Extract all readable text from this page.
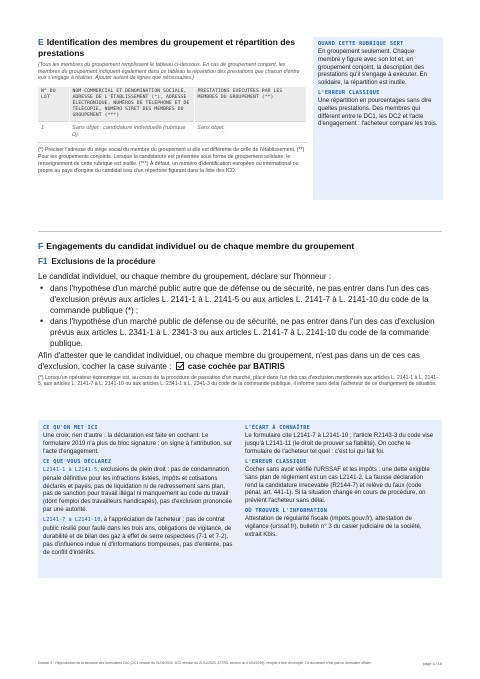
E Identification des membres du groupement et répartition des prestations
(Tous les membres du groupement remplissent le tableau ci-dessous. En cas de groupement conjoint, les membres du groupement indiquent également dans ce tableau la répartition des prestations que chacun d'entre eux s'engage à réaliser. Ajouter autant de lignes que nécessaires.)
N° DU LOT	NOM COMMERCIAL ET DÉNOMINATION SOCIALE, ADRESSE DE L'ÉTABLISSEMENT (*), ADRESSE ÉLECTRONIQUE, NUMÉROS DE TÉLÉPHONE ET DE TÉLÉCOPIE, NUMÉRO SIRET DES MEMBRES DU GROUPEMENT (***)	PRESTATIONS EXÉCUTÉES PAR LES MEMBRES DU GROUPEMENT (**)
1	Sans objet : candidature individuelle (rubrique D).	Sans objet.
(*) Préciser l'adresse du siège social du membre du groupement si elle est différente de celle de l'établissement. (**) Pour les groupements conjoints. Lorsque la candidature est présentée sous forme de groupement solidaire, le renseignement de cette rubrique est inutile. (***) À défaut, un numéro d'identification européen ou international ou propre au pays d'origine du candidat issu d'un répertoire figurant dans la liste des ICD.
QUAND CETTE RUBRIQUE SERT
En groupement seulement. Chaque membre y figure avec son lot et, en groupement conjoint, la description des prestations qu'il s'engage à exécuter. En solidaire, la répartition est inutile.
L'ERREUR CLASSIQUE
Une répartition en pourcentages sans dire quelles prestations. Des membres qui diffèrent entre le DC1, les DC2 et l'acte d'engagement : l'acheteur compare les trois.
F Engagements du candidat individuel ou de chaque membre du groupement
F1 Exclusions de la procédure
Le candidat individuel, ou chaque membre du groupement, déclare sur l'honneur :
• dans l'hypothèse d'un marché public autre que de défense ou de sécurité, ne pas entrer dans l'un des cas d'exclusion prévus aux articles L. 2141-1 à L. 2141-5 ou aux articles L. 2141-7 à L. 2141-10 du code de la commande publique (*) ;
• dans l'hypothèse d'un marché public de défense ou de sécurité, ne pas entrer dans l'un des cas d'exclusion prévus aux articles L. 2341-1 à L. 2341-3 ou aux articles L. 2141-7 à L. 2141-10 du code de la commande publique.
Afin d'attester que le candidat individuel, ou chaque membre du groupement, n'est pas dans un de ces cas d'exclusion, cocher la case suivante : case cochée par BATIRIS
(*) Lorsqu'un opérateur économique est, au cours de la procédure de passation d'un marché, placé dans l'un des cas d'exclusion mentionnés aux articles L. 2141-1 à L. 2141-5, aux articles L. 2141-7 à L. 2141-10 ou aux articles L. 2341-1 à L. 2341-3 du code de la commande publique, il informe sans délai l'acheteur de ce changement de situation.
CE QU'ON MET ICI
Une croix, rien d'autre : la déclaration est faite en cochant. Le formulaire 2019 n'a plus de bloc signature ; on signe à l'attribution, sur l'acte d'engagement.
CE QUE VOUS DÉCLAREZ
L2141-1 à L2141-5, exclusions de plein droit : pas de condamnation pénale définitive pour les infractions listées, impôts et cotisations déclarés et payés, pas de liquidation ni de redressement sans plan, pas de sanction pour travail illégal ni manquement au code du travail (dont l'emploi des travailleurs handicapés), pas d'exclusion prononcée par une autorité.
L2141-7 à L2141-10, à l'appréciation de l'acheteur : pas de contrat public résilié pour faute dans les trois ans, obligations de vigilance, de durabilité et de bilan des gaz à effet de serre respectées (7-1 et 7-2), pas d'influence indue ni d'informations trompeuses, pas d'entente, pas de conflit d'intérêts.
L'ÉCART À CONNAÎTRE
Le formulaire cite L2141-7 à L2141-10 ; l'article R2143-3 du code vise jusqu'à L2141-11 (le droit de prouver sa fiabilité). On coche le formulaire de l'acheteur tel quel : c'est lui qui fait foi.
L'ERREUR CLASSIQUE
Cocher sans avoir vérifié l'URSSAF et les impôts : une dette exigible sans plan de règlement est un cas L2141-2. La fausse déclaration rend la candidature irrecevable (R2144-7) et relève du faux (code pénal, art. 441-1). Si la situation change en cours de procédure, on prévient l'acheteur sans délai.
OÙ TROUVER L'INFORMATION
Attestation de régularité fiscale (impots.gouv.fr), attestation de vigilance (urssaf.fr), bulletin n° 3 du casier judiciaire de la société, extrait Kbis.
Dossier 2 · Reproduction de la structure des formulaires DAJ (DC1 version du 01/04/2019, DC2 version du 21/11/2023, ATTRI1 version du 01/04/2019), remplie à titre d'exemple. Ce document n'est pas un formulaire officiel.	page 3 / 10
